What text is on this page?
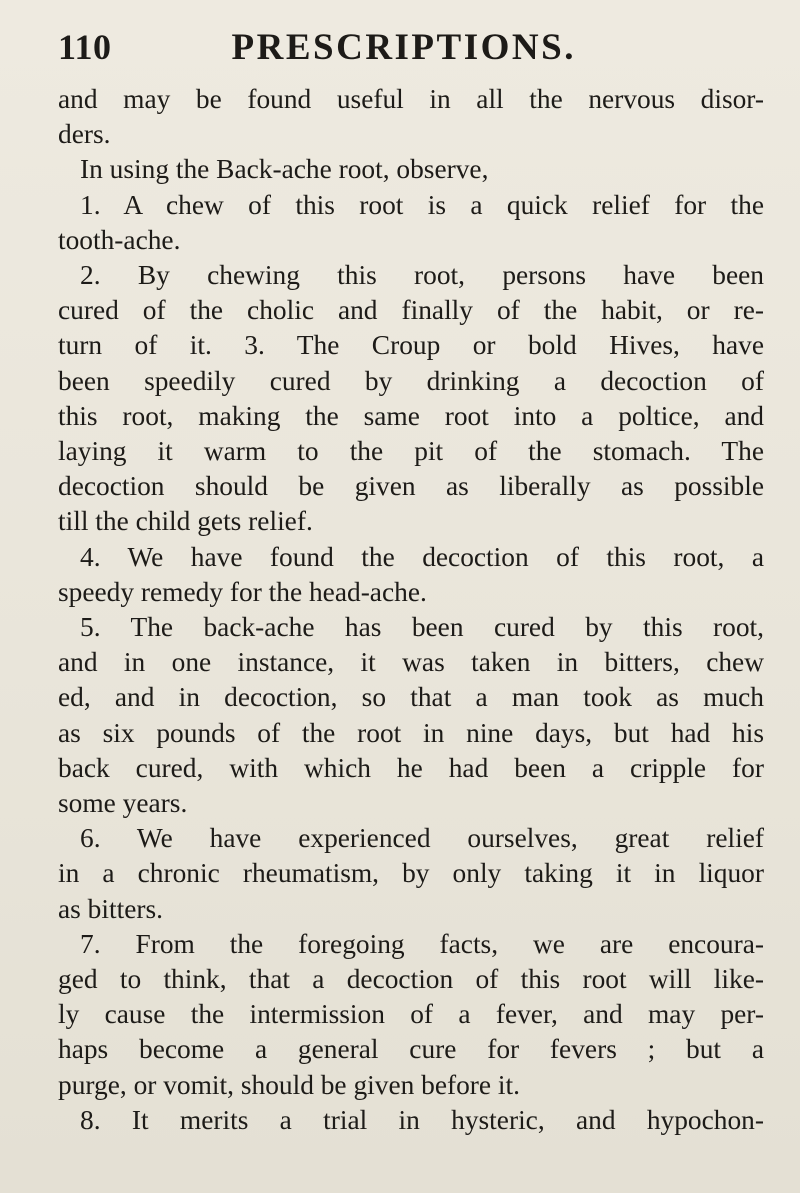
110	PRESCRIPTIONS.
and may be found useful in all the nervous disor-
ders.
In using the Back-ache root, observe,
1. A chew of this root is a quick relief for the
tooth-ache.
2. By chewing this root, persons have been
cured of the cholic and finally of the habit, or re-
turn of it. 3. The Croup or bold Hives, have
been speedily cured by drinking a decoction of
this root, making the same root into a poltice, and
laying it warm to the pit of the stomach. The
decoction should be given as liberally as possible
till the child gets relief.
4. We have found the decoction of this root, a
speedy remedy for the head-ache.
5. The back-ache has been cured by this root,
and in one instance, it was taken in bitters, chew
ed, and in decoction, so that a man took as much
as six pounds of the root in nine days, but had his
back cured, with which he had been a cripple for
some years.
6. We have experienced ourselves, great relief
in a chronic rheumatism, by only taking it in liquor
as bitters.
7. From the foregoing facts, we are encoura-
ged to think, that a decoction of this root will like-
ly cause the intermission of a fever, and may per-
haps become a general cure for fevers ; but a
purge, or vomit, should be given before it.
8. It merits a trial in hysteric, and hypochon-
